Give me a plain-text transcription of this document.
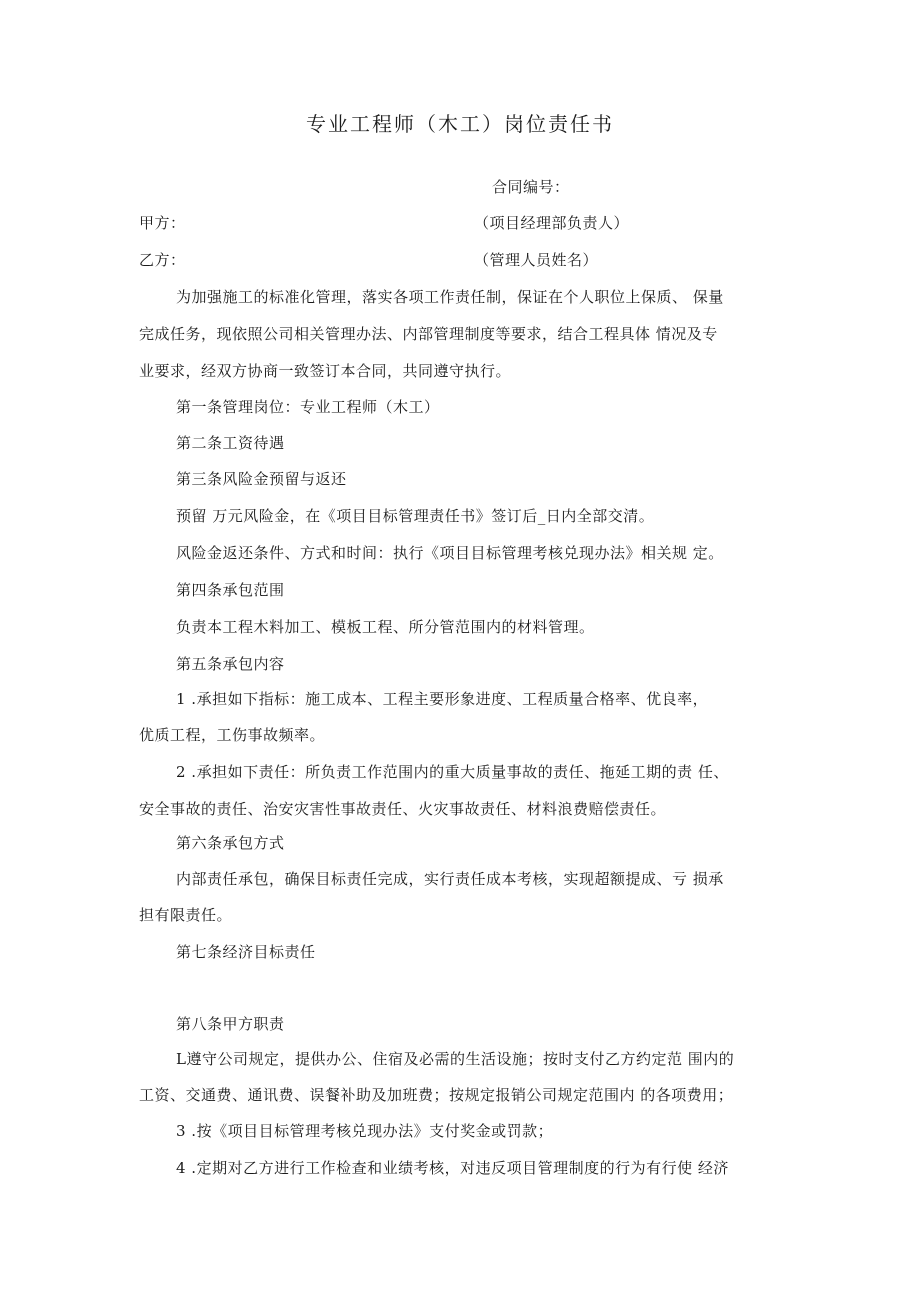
专业工程师（木工）岗位责任书
合同编号：
甲方：	（项目经理部负责人）
乙方：	（管理人员姓名）
为加强施工的标准化管理，落实各项工作责任制，保证在个人职位上保质、 保量
完成任务，现依照公司相关管理办法、内部管理制度等要求，结合工程具体 情况及专
业要求，经双方协商一致签订本合同，共同遵守执行。
第一条管理岗位：专业工程师（木工）
第二条工资待遇
第三条风险金预留与返还
预留 万元风险金，在《项目目标管理责任书》签订后_日内全部交清。
风险金返还条件、方式和时间：执行《项目目标管理考核兑现办法》相关规 定。
第四条承包范围
负责本工程木料加工、模板工程、所分管范围内的材料管理。
第五条承包内容
1 .承担如下指标：施工成本、工程主要形象进度、工程质量合格率、优良率，
优质工程，工伤事故频率。
2 .承担如下责任：所负责工作范围内的重大质量事故的责任、拖延工期的责 任、
安全事故的责任、治安灾害性事故责任、火灾事故责任、材料浪费赔偿责任。
第六条承包方式
内部责任承包，确保目标责任完成，实行责任成本考核，实现超额提成、亏 损承
担有限责任。
第七条经济目标责任
第八条甲方职责
L遵守公司规定，提供办公、住宿及必需的生活设施；按时支付乙方约定范 围内的
工资、交通费、通讯费、误餐补助及加班费；按规定报销公司规定范围内 的各项费用；
3 .按《项目目标管理考核兑现办法》支付奖金或罚款；
4 .定期对乙方进行工作检查和业绩考核，对违反项目管理制度的行为有行使 经济
